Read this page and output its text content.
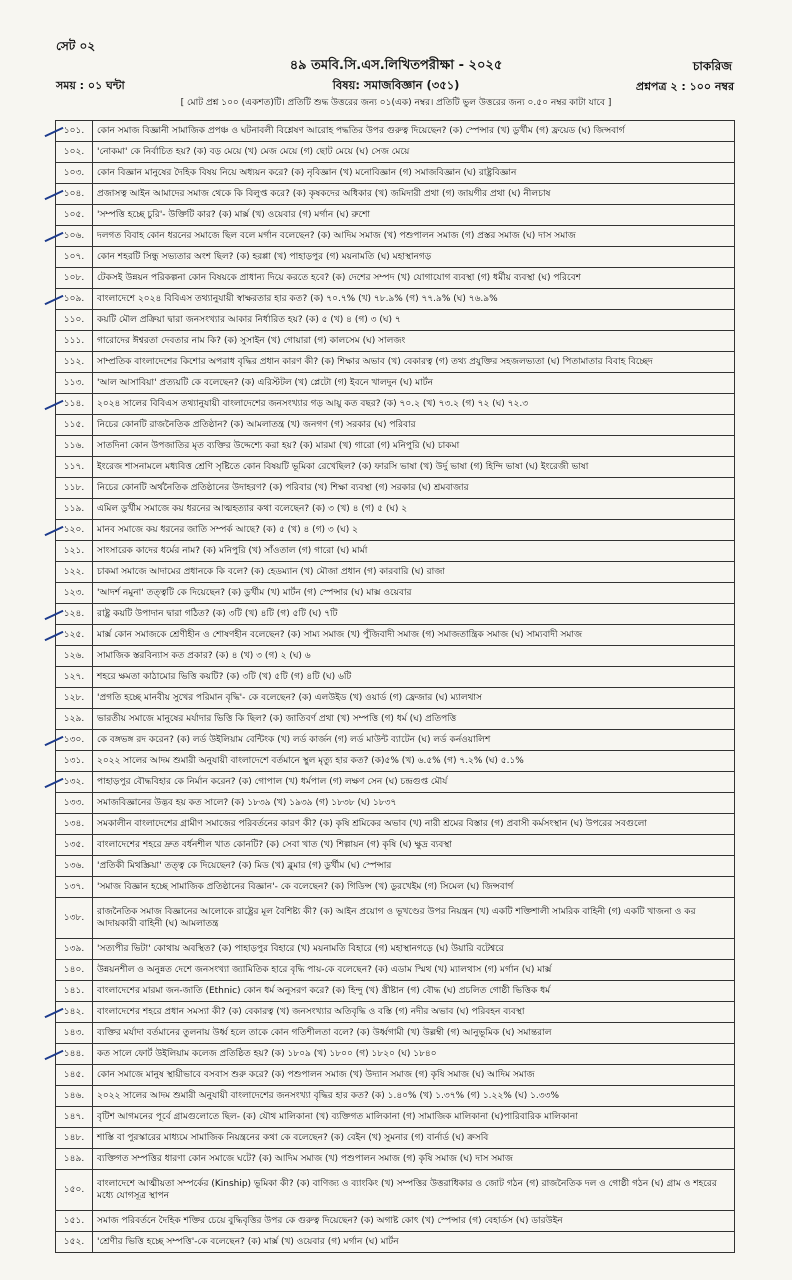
সেট ০২
৪৯ তমবি.সি.এস.লিখিতপরীক্ষা - ২০২৫	চাকরিজ
সময় : ০১ ঘন্টা	বিষয়: সমাজবিজ্ঞান (৩৫১)	প্রশ্নপত্র ২ : ১০০ নম্বর
[ মোট প্রশ্ন ১০০ (একশত)টি। প্রতিটি শুদ্ধ উত্তরের জন্য ০১(এক) নম্বর। প্রতিটি ভুল উত্তরের জন্য ০.৫০ নম্বর কাটা যাবে ]
১০১.	কোন সমাজ বিজ্ঞানী সামাজিক প্রপঞ্চ ও ঘটনাবলী বিশ্লেষণ আরোহ পদ্ধতির উপর গুরুত্ব দিয়েছেন? (ক) স্পেন্সার (খ) ডুর্খীম (গ) ফ্রয়েড (ঘ) জিন্সবার্গ
১০২.	'নোকমা' কে নির্বাচিত হয়? (ক) বড় মেয়ে (খ) মেজ মেয়ে (গ) ছোট মেয়ে (ঘ) সেজ মেয়ে
১০৩.	কোন বিজ্ঞান মানুষের দৈহিক বিষয় নিয়ে অধ্যয়ন করে? (ক) নৃবিজ্ঞান (খ) মনোবিজ্ঞান (গ) সমাজবিজ্ঞান (ঘ) রাষ্ট্রবিজ্ঞান
১০৪.	প্রজাসত্ব আইন আমাদের সমাজ থেকে কি বিলুপ্ত করে? (ক) কৃষকদের অধিকার (খ) জমিদারী প্রথা (গ) জায়গীর প্রথা (ঘ) নীলচাষ
১০৫.	'সম্পত্তি হচ্ছে চুরি'- উক্তিটি কার? (ক) মার্ক্স (খ) ওয়েবার (গ) মর্গান (ঘ) রুশো
১০৬.	দলগত বিবাহ কোন ধরনের সমাজে ছিল বলে মর্গান বলেছেন? (ক) আদিম সমাজ (খ) পশুপালন সমাজ (গ) প্রস্তর সমাজ (ঘ) দাস সমাজ
১০৭.	কোন শহরটি সিন্ধু সভ্যতার অংশ ছিল? (ক) হরপ্পা (খ) পাহাড়পুর (গ) ময়নামতি (ঘ) মহাস্থানগড়
১০৮.	টেকসই উন্নয়ন পরিকল্পনা কোন বিষয়কে প্রাধান্য দিয়ে করতে হবে? (ক) দেশের সম্পদ (খ) যোগাযোগ ব্যবস্থা (গ) ধর্মীয় ব্যবস্থা (ঘ) পরিবেশ
১০৯.	বাংলাদেশে ২০২৪ বিবিএস তথ্যানুযায়ী স্বাক্ষরতার হার কত? (ক) ৭০.৭% (খ) ৭৮.৯% (গ) ৭৭.৯% (ঘ) ৭৬.৯%
১১০.	কয়টি মৌল প্রক্রিয়া দ্বারা জনসংখ্যার আকার নির্ধারিত হয়? (ক) ৫ (খ) ৪ (গ) ৩ (ঘ) ৭
১১১.	গারোদের ঈশ্বরতা দেবতার নাম কি? (ক) সুসাইন (খ) গোয়ারা (গ) কালসেম (ঘ) সালজং
১১২.	সাম্প্রতিক বাংলাদেশের কিশোর অপরাধ বৃদ্ধির প্রধান কারণ কী? (ক) শিক্ষার অভাব (খ) বেকারত্ব (গ) তথ্য প্রযুক্তির সহজলভ্যতা (ঘ) পিতামাতার বিবাহ বিচ্ছেদ
১১৩.	'আল আসাবিয়া' প্রত্যয়টি কে বলেছেন? (ক) এরিস্টটল (খ) প্লেটো (গ) ইবনে খালদুন (ঘ) মার্টন
১১৪.	২০২৪ সালের বিবিএস তথ্যানুযায়ী বাংলাদেশের জনসংখ্যার গড় আয়ু কত বছর? (ক) ৭০.২ (খ) ৭৩.২ (গ) ৭২ (ঘ) ৭২.৩
১১৫.	নিচের কোনটি রাজনৈতিক প্রতিষ্ঠান? (ক) আমলাতন্ত্র (খ) জনগণ (গ) সরকার (ঘ) পরিবার
১১৬.	সাতদিনা কোন উপজাতির মৃত ব্যক্তির উদ্দেশ্যে করা হয়? (ক) মারমা (খ) গারো (গ) মনিপুরি (ঘ) চাকমা
১১৭.	ইংরেজ শাসনামলে মধ্যবিত্ত শ্রেণি সৃষ্টিতে কোন বিষয়টি ভূমিকা রেখেছিল? (ক) ফারসি ভাষা (খ) উর্দু ভাষা (গ) হিন্দি ভাষা (ঘ) ইংরেজী ভাষা
১১৮.	নিচের কোনটি অর্থনৈতিক প্রতিষ্ঠানের উদাহরণ? (ক) পরিবার (খ) শিক্ষা ব্যবস্থা (গ) সরকার (ঘ) শ্রমবাজার
১১৯.	এমিল ডুর্খীম সমাজে কয় ধরনের আত্মহত্যার কথা বলেছেন? (ক) ৩ (খ) ৪ (গ) ৫ (ঘ) ২
১২০.	মানব সমাজে কয় ধরনের জাতি সম্পর্ক আছে? (ক) ৫ (খ) ৪ (গ) ৩ (ঘ) ২
১২১.	সাংসারেক কাদের ধর্মের নাম? (ক) মনিপুরি (খ) সাঁওতাল (গ) গারো (ঘ) মার্মা
১২২.	চাকমা সমাজে আদামের প্রধানকে কি বলে? (ক) হেডম্যান (খ) মৌজা প্রধান (গ) কারবারি (ঘ) রাজা
১২৩.	'আদর্শ নমুনা' তত্ত্বটি কে দিয়েছেন? (ক) ডুর্খীম (খ) মার্টন (গ) স্পেন্সার (ঘ) মাক্স ওয়েবার
১২৪.	রাষ্ট্র কয়টি উপাদান দ্বারা গঠিত? (ক) ৩টি (খ) ৪টি (গ) ৫টি (ঘ) ৭টি
১২৫.	মার্ক্স কোন সমাজকে শ্রেণীহীন ও শোষণহীন বলেছেন? (ক) সাম্য সমাজ (খ) পুঁজিবাদী সমাজ (গ) সমাজতান্ত্রিক সমাজ (ঘ) সাম্যবাদী সমাজ
১২৬.	সামাজিক স্তরবিন্যাস কত প্রকার? (ক) ৪ (খ) ৩ (গ) ২ (ঘ) ৬
১২৭.	শহরে ক্ষমতা কাঠামোর ভিত্তি কয়টি? (ক) ৩টি (খ) ৫টি (গ) ৪টি (ঘ) ৬টি
১২৮.	'প্রগতি হচ্ছে মানবীয় সুখের পরিমান বৃদ্ধি'- কে বলেছেন? (ক) এলউইড (খ) ওয়ার্ড (গ) ফ্রেজার (ঘ) ম্যালথাস
১২৯.	ভারতীয় সমাজে মানুষের মর্যাদার ভিত্তি কি ছিল? (ক) জাতিবর্ণ প্রথা (খ) সম্পত্তি (গ) ধর্ম (ঘ) প্রতিপত্তি
১৩০.	কে বঙ্গভঙ্গ রদ করেন? (ক) লর্ড উইলিয়াম বেন্টিংক (খ) লর্ড কার্জন (গ) লর্ড মাউন্ট ব্যাটেন (ঘ) লর্ড কর্নওয়ালিশ
১৩১.	২০২২ সালের আদম শুমারী অনুযায়ী বাংলাদেশে বর্তমানে স্থুল মৃত্যু হার কত? (ক)৫% (খ) ৬.৫% (গ) ৭.২% (ঘ) ৫.১%
১৩২.	পাহাড়পুর বৌদ্ধবিহার কে নির্মান করেন? (ক) গোপাল (খ) ধর্মপাল (গ) লক্ষণ সেন (ঘ) চন্দ্রগুপ্ত মৌর্য
১৩৩.	সমাজবিজ্ঞানের উদ্ভব হয় কত সালে? (ক) ১৮৩৯ (খ) ১৯৩৯ (গ) ১৮৩৮ (ঘ) ১৮৩৭
১৩৪.	সমকালীন বাংলাদেশের গ্রামীণ সমাজের পরিবর্তনের কারণ কী? (ক) কৃষি শ্রমিকের অভাব (খ) নারী শ্রমের বিস্তার (গ) প্রবাসী কর্মসংস্থান (ঘ) উপরের সবগুলো
১৩৫.	বাংলাদেশের শহরে দ্রুত বর্ধনশীল খাত কোনটি? (ক) সেবা খাত (খ) শিল্পায়ন (গ) কৃষি (ঘ) ক্ষুদ্র ব্যবস্থা
১৩৬.	'প্রতিকী মিথস্ক্রিয়া' তত্ত্ব কে দিয়েছেন? (ক) মিড (খ) ব্লুমার (গ) ডুর্খীম (ঘ) স্পেন্সার
১৩৭.	'সমাজ বিজ্ঞান হচ্ছে সামাজিক প্রতিষ্ঠানের বিজ্ঞান'- কে বলেছেন? (ক) গিডিন্স (খ) ডুরখেইম (গ) সিমেল (ঘ) জিন্সবার্গ
১৩৮.	রাজনৈতিক সমাজ বিজ্ঞানের আলোকে রাষ্ট্রের মূল বৈশিষ্ট্য কী? (ক) আইন প্রয়োগ ও ভূখণ্ডের উপর নিয়ন্ত্রন (খ) একটি শক্তিশালী সামরিক বাহিনী (গ) একটি খাজনা ও কর আদায়কারী বাহিনী (ঘ) আমলাতন্ত্র
১৩৯.	'সত্যপীর ভিটা' কোথায় অবস্থিত? (ক) পাহাড়পুর বিহারে (খ) ময়নামতি বিহারে (গ) মহাস্থানগড়ে (ঘ) উয়ারি বটেশ্বরে
১৪০.	উন্নয়নশীল ও অনুন্নত দেশে জনসংখ্যা জ্যামিতিক হারে বৃদ্ধি পায়-কে বলেছেন? (ক) এডাম স্মিথ (খ) ম্যালথাস (গ) মর্গান (ঘ) মার্ক্স
১৪১.	বাংলাদেশের মারমা জন-জাতি (Ethnic) কোন ধর্ম অনুসরণ করে? (ক) হিন্দু (খ) খ্রীষ্টান (গ) বৌদ্ধ (ঘ) প্রচলিত গোষ্ঠী ভিত্তিক ধর্ম
১৪২.	বাংলাদেশের শহরে প্রধান সমস্যা কী? (ক) বেকারত্ব (খ) জনসংখ্যার অতিবৃদ্ধি ও বস্তি (গ) নদীর অভাব (ঘ) পরিবহন ব্যবস্থা
১৪৩.	ব্যক্তির মর্যাদা বর্তমানের তুলনায় উর্ধ্ব হলে তাকে কোন গতিশীলতা বলে? (ক) উর্ধ্বগামী (খ) উল্লম্বী (গ) আনুভূমিক (ঘ) সমান্তরাল
১৪৪.	কত সালে ফোর্ট উইলিয়াম কলেজ প্রতিষ্ঠিত হয়? (ক) ১৮০৯ (খ) ১৮০০ (গ) ১৮২০ (ঘ) ১৮৪০
১৪৫.	কোন সমাজে মানুষ স্থায়ীভাবে বসবাস শুরু করে? (ক) পশুপালন সমাজ (খ) উদ্যান সমাজ (গ) কৃষি সমাজ (ঘ) আদিম সমাজ
১৪৬.	২০২২ সালের আদম শুমারী অনুযায়ী বাংলাদেশের জনসংখ্যা বৃদ্ধির হার কত? (ক) ১.৪০% (খ) ১.৩৭% (গ) ১.২২% (ঘ) ১.৩৩%
১৪৭.	বৃটিশ আগমনের পূর্বে গ্রামগুলোতে ছিল- (ক) যৌথ মালিকানা (খ) ব্যক্তিগত মালিকানা (গ) সামাজিক মালিকানা (ঘ)পারিবারিক মালিকানা
১৪৮.	শাস্তি বা পুরস্কারের মাধ্যমে সামাজিক নিয়ন্ত্রনের কথা কে বলেছেন? (ক) বেইন (খ) সুমনার (গ) বার্নার্ড (ঘ) ক্রসবি
১৪৯.	ব্যক্তিগত সম্পত্তির ধারণা কোন সমাজে ঘটে? (ক) আদিম সমাজ (খ) পশুপালন সমাজ (গ) কৃষি সমাজ (ঘ) দাস সমাজ
১৫০.	বাংলাদেশে আত্মীয়তা সম্পর্কের (Kinship) ভূমিকা কী? (ক) বাণিজ্য ও ব্যাংকিং (খ) সম্পত্তির উত্তরাধিকার ও জোট গঠন (গ) রাজনৈতিক দল ও গোষ্ঠী গঠন (ঘ) গ্রাম ও শহরের মধ্যে যোগসূত্র স্থাপন
১৫১.	সমাজ পরিবর্তনে দৈহিক শক্তির চেয়ে বুদ্ধিবৃত্তির উপর কে গুরুত্ব দিয়েছেন? (ক) অগাষ্ট কোৎ (খ) স্পেন্সার (গ) বেহার্ডস (ঘ) ডারউইন
১৫২.	'শ্রেণীর ভিত্তি হচ্ছে সম্পত্তি'-কে বলেছেন? (ক) মার্ক্স (খ) ওয়েবার (গ) মর্গান (ঘ) মার্টন
